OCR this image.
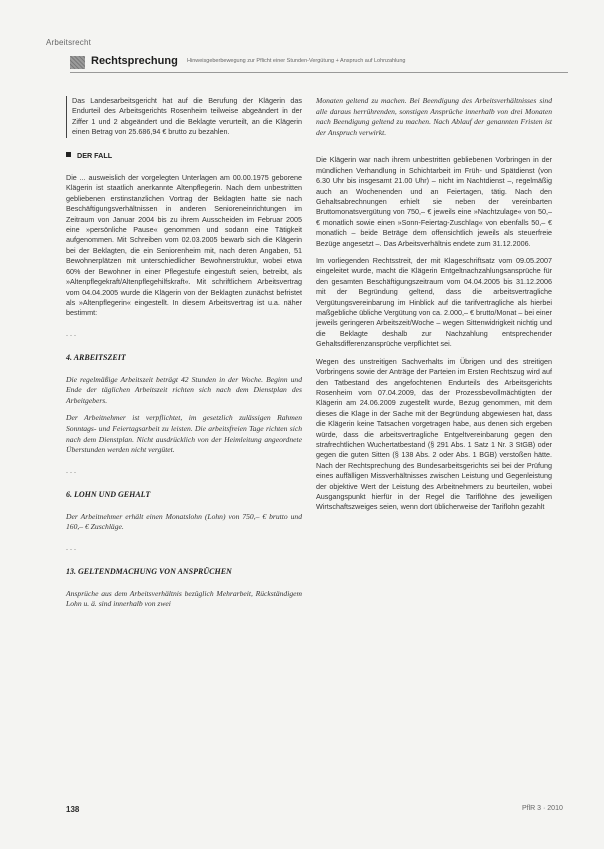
Arbeitsrecht
Rechtsprechung Hinweisgeberbewegung zur Pflicht einer Stunden-Vergütung + Anspruch auf Lohnzahlung

Das Landesarbeitsgericht hat auf die Berufung der Klägerin das Endurteil des Arbeitsgerichts Rosenheim teilweise abgeändert in der Ziffer 1 und 2 abgeändert und die Beklagte verurteilt, an die Klägerin einen Betrag von 25.686,94 € brutto zu bezahlen.

DER FALL

Die ... ausweislich der vorgelegten Unterlagen am 00.00.1975 geborene Klägerin ist staatlich anerkannte Altenpflegerin. Nach dem unbestritten gebliebenen erstinstanzlichen Vortrag der Beklagten hatte sie nach Beschäftigungsverhältnissen in anderen Senioreneinrichtungen im Zeitraum von Januar 2004 bis zu ihrem Ausscheiden im Februar 2005 eine »persönliche Pause« genommen und sodann eine Tätigkeit aufgenommen. Mit Schreiben vom 02.03.2005 bewarb sich die Klägerin bei der Beklagten, die ein Seniorenheim mit, nach deren Angaben, 51 Bewohnerplätzen mit unterschiedlicher Bewohnerstruktur, wobei etwa 60% der Bewohner in einer Pflegestufe eingestuft seien, betreibt, als »Altenpflegekraft/Altenpflegehilfskraft«. Mit schriftlichem Arbeitsvertrag vom 04.04.2005 wurde die Klägerin von der Beklagten zunächst befristet als »Altenpflegerin« eingestellt. In diesem Arbeitsvertrag ist u.a. näher bestimmt:

. . .
4. ARBEITSZEIT

Die regelmäßige Arbeitszeit beträgt 42 Stunden in der Woche. Beginn und Ende der täglichen Arbeitszeit richten sich nach dem Dienstplan des Arbeitgebers.

Der Arbeitnehmer ist verpflichtet, im gesetzlich zulässigen Rahmen Sonntags- und Feiertagsarbeit zu leisten. Die arbeitsfreien Tage richten sich nach dem Dienstplan. Nicht ausdrücklich von der Heimleitung angeordnete Überstunden werden nicht vergütet.

. . .
6. LOHN UND GEHALT

Der Arbeitnehmer erhält einen Monatslohn (Lohn) von 750,– € brutto und 160,– € Zuschläge.

. . .
13. GELTENDMACHUNG VON ANSPRÜCHEN

Ansprüche aus dem Arbeitsverhältnis bezüglich Mehrarbeit, Rückständigem Lohn u. ä. sind innerhalb von zwei

Monaten geltend zu machen. Bei Beendigung des Arbeitsverhältnisses sind alle daraus herrührenden, sonstigen Ansprüche innerhalb von drei Monaten nach Beendigung geltend zu machen. Nach Ablauf der genannten Fristen ist der Anspruch verwirkt.

Die Klägerin war nach ihrem unbestritten gebliebenen Vorbringen in der mündlichen Verhandlung in Schichtarbeit im Früh- und Spätdienst (von 6.30 Uhr bis insgesamt 21.00 Uhr) – nicht im Nachtdienst –, regelmäßig auch an Wochenenden und an Feiertagen, tätig. Nach den Gehaltsabrechnungen erhielt sie neben der vereinbarten Bruttomonatsvergütung von 750,– € jeweils eine »Nachtzulage« von 50,– € monatlich sowie einen »Sonn-Feiertag-Zuschlag« von ebenfalls 50,– € monatlich – beide Beträge dem offensichtlich jeweils als steuerfreie Bezüge angesetzt –. Das Arbeitsverhältnis endete zum 31.12.2006.

Im vorliegenden Rechtsstreit, der mit Klageschriftsatz vom 09.05.2007 eingeleitet wurde, macht die Klägerin Entgeltnachzahlungsansprüche für den gesamten Beschäftigungszeitraum vom 04.04.2005 bis 31.12.2006 mit der Begründung geltend, dass die arbeitsvertragliche Vergütungsvereinbarung im Hinblick auf die tarifvertragliche als hierbei maßgebliche übliche Vergütung von ca. 2.000,– € brutto/Monat – bei einer jeweils geringeren Arbeitszeit/Woche – wegen Sittenwidrigkeit nichtig und die Beklagte deshalb zur Nachzahlung entsprechender Gehaltsdifferenzansprüche verpflichtet sei.

Wegen des unstreitigen Sachverhalts im Übrigen und des streitigen Vorbringens sowie der Anträge der Parteien im Ersten Rechtszug wird auf den Tatbestand des angefochtenen Endurteils des Arbeitsgerichts Rosenheim vom 07.04.2009, das der Prozessbevollmächtigten der Klägerin am 24.06.2009 zugestellt wurde, Bezug genommen, mit dem dieses die Klage in der Sache mit der Begründung abgewiesen hat, dass die Klägerin keine Tatsachen vorgetragen habe, aus denen sich ergeben würde, dass die arbeitsvertragliche Entgeltvereinbarung gegen den strafrechtlichen Wuchertatbestand (§ 291 Abs. 1 Satz 1 Nr. 3 StGB) oder gegen die guten Sitten (§ 138 Abs. 2 oder Abs. 1 BGB) verstoßen hätte. Nach der Rechtsprechung des Bundesarbeitsgerichts sei bei der Prüfung eines auffälligen Missverhältnisses zwischen Leistung und Gegenleistung der objektive Wert der Leistung des Arbeitnehmers zu beurteilen, wobei Ausgangspunkt hierfür in der Regel die Tariflöhne des jeweiligen Wirtschaftszweiges seien, wenn dort üblicherweise der Tariflohn gezahlt

138	PflR 3 · 2010
